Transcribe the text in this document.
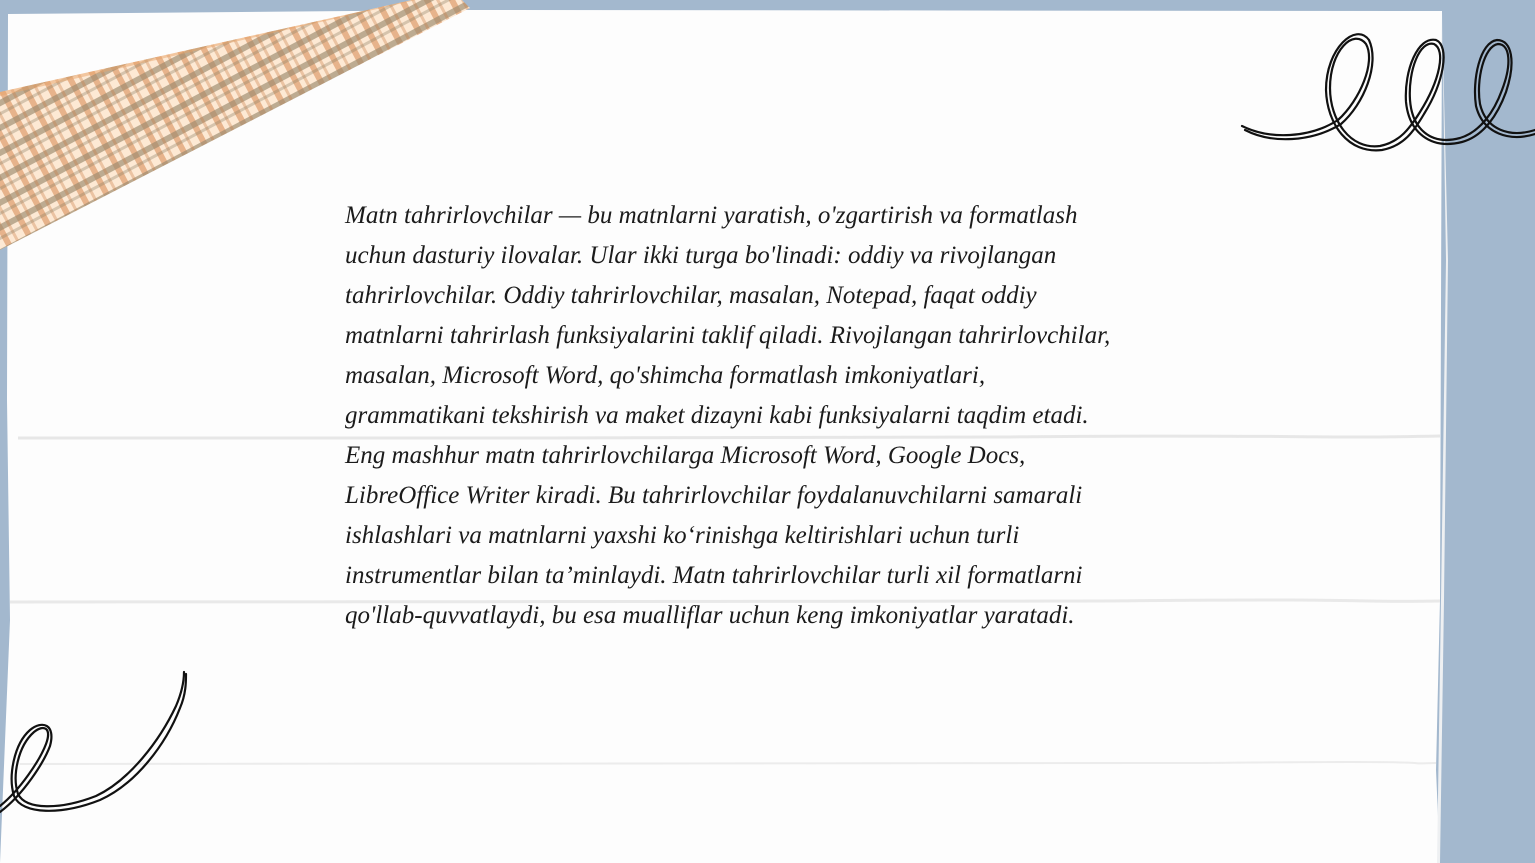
Matn tahrirlovchilar — bu matnlarni yaratish, o'zgartirish va formatlash
uchun dasturiy ilovalar. Ular ikki turga bo'linadi: oddiy va rivojlangan
tahrirlovchilar. Oddiy tahrirlovchilar, masalan, Notepad, faqat oddiy
matnlarni tahrirlash funksiyalarini taklif qiladi. Rivojlangan tahrirlovchilar,
masalan, Microsoft Word, qo'shimcha formatlash imkoniyatlari,
grammatikani tekshirish va maket dizayni kabi funksiyalarni taqdim etadi.
Eng mashhur matn tahrirlovchilarga Microsoft Word, Google Docs,
LibreOffice Writer kiradi. Bu tahrirlovchilar foydalanuvchilarni samarali
ishlashlari va matnlarni yaxshi ko‘rinishga keltirishlari uchun turli
instrumentlar bilan ta’minlaydi. Matn tahrirlovchilar turli xil formatlarni
qo'llab-quvvatlaydi, bu esa mualliflar uchun keng imkoniyatlar yaratadi.
